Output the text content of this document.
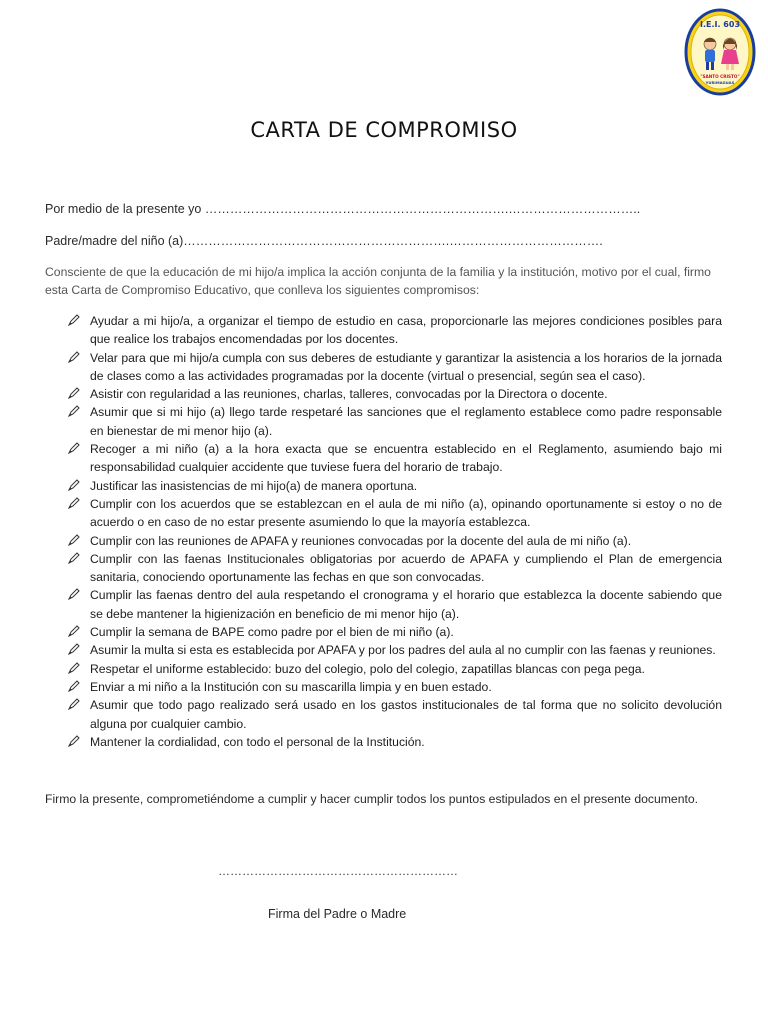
I.E.I. 603
"SANTO CRISTO"
YURIMAGUAS
CARTA DE COMPROMISO
Por medio de la presente yo ……………………………………………………………….…………………………..
Padre/madre del niño (a)……………………………………………………….……………………………….
Consciente de que la educación de mi hijo/a implica la acción conjunta de la familia y la institución, motivo por el cual, firmo esta Carta de Compromiso Educativo, que conlleva los siguientes compromisos:
Ayudar a mi hijo/a, a organizar el tiempo de estudio en casa, proporcionarle las mejores condiciones posibles para que realice los trabajos encomendadas por los docentes.
Velar para que mi hijo/a cumpla con sus deberes de estudiante y garantizar la asistencia a los horarios de la jornada de clases como a las actividades programadas por la docente (virtual o presencial, según sea el caso).
Asistir con regularidad a las reuniones, charlas, talleres, convocadas por la Directora o docente.
Asumir que si mi hijo (a) llego tarde respetaré las sanciones que el reglamento establece como padre responsable en bienestar de mi menor hijo (a).
Recoger a mi niño (a) a la hora exacta que se encuentra establecido en el Reglamento, asumiendo bajo mi responsabilidad cualquier accidente que tuviese fuera del horario de trabajo.
Justificar las inasistencias de mi hijo(a) de manera oportuna.
Cumplir con los acuerdos que se establezcan en el aula de mi niño (a), opinando oportunamente si estoy o no de acuerdo o en caso de no estar presente asumiendo lo que la mayoría establezca.
Cumplir con las reuniones de APAFA y reuniones convocadas por la docente del aula de mi niño (a).
Cumplir con las faenas Institucionales obligatorias por acuerdo de APAFA y cumpliendo el Plan de emergencia sanitaria, conociendo oportunamente las fechas en que son convocadas.
Cumplir las faenas dentro del aula respetando el cronograma y el horario que establezca la docente sabiendo que se debe mantener la higienización en beneficio de mi menor hijo (a).
Cumplir la semana de BAPE como padre por el bien de mi niño (a).
Asumir la multa si esta es establecida por APAFA y por los padres del aula al no cumplir con las faenas y reuniones.
Respetar el uniforme establecido: buzo del colegio, polo del colegio, zapatillas blancas con pega pega.
Enviar a mi niño a la Institución con su mascarilla limpia y en buen estado.
Asumir que todo pago realizado será usado en los gastos institucionales de tal forma que no solicito devolución alguna por cualquier cambio.
Mantener la cordialidad, con todo el personal de la Institución.
Firmo la presente, comprometiéndome a cumplir y hacer cumplir todos los puntos estipulados en el presente documento.
……………………………………………………
Firma del Padre o Madre
